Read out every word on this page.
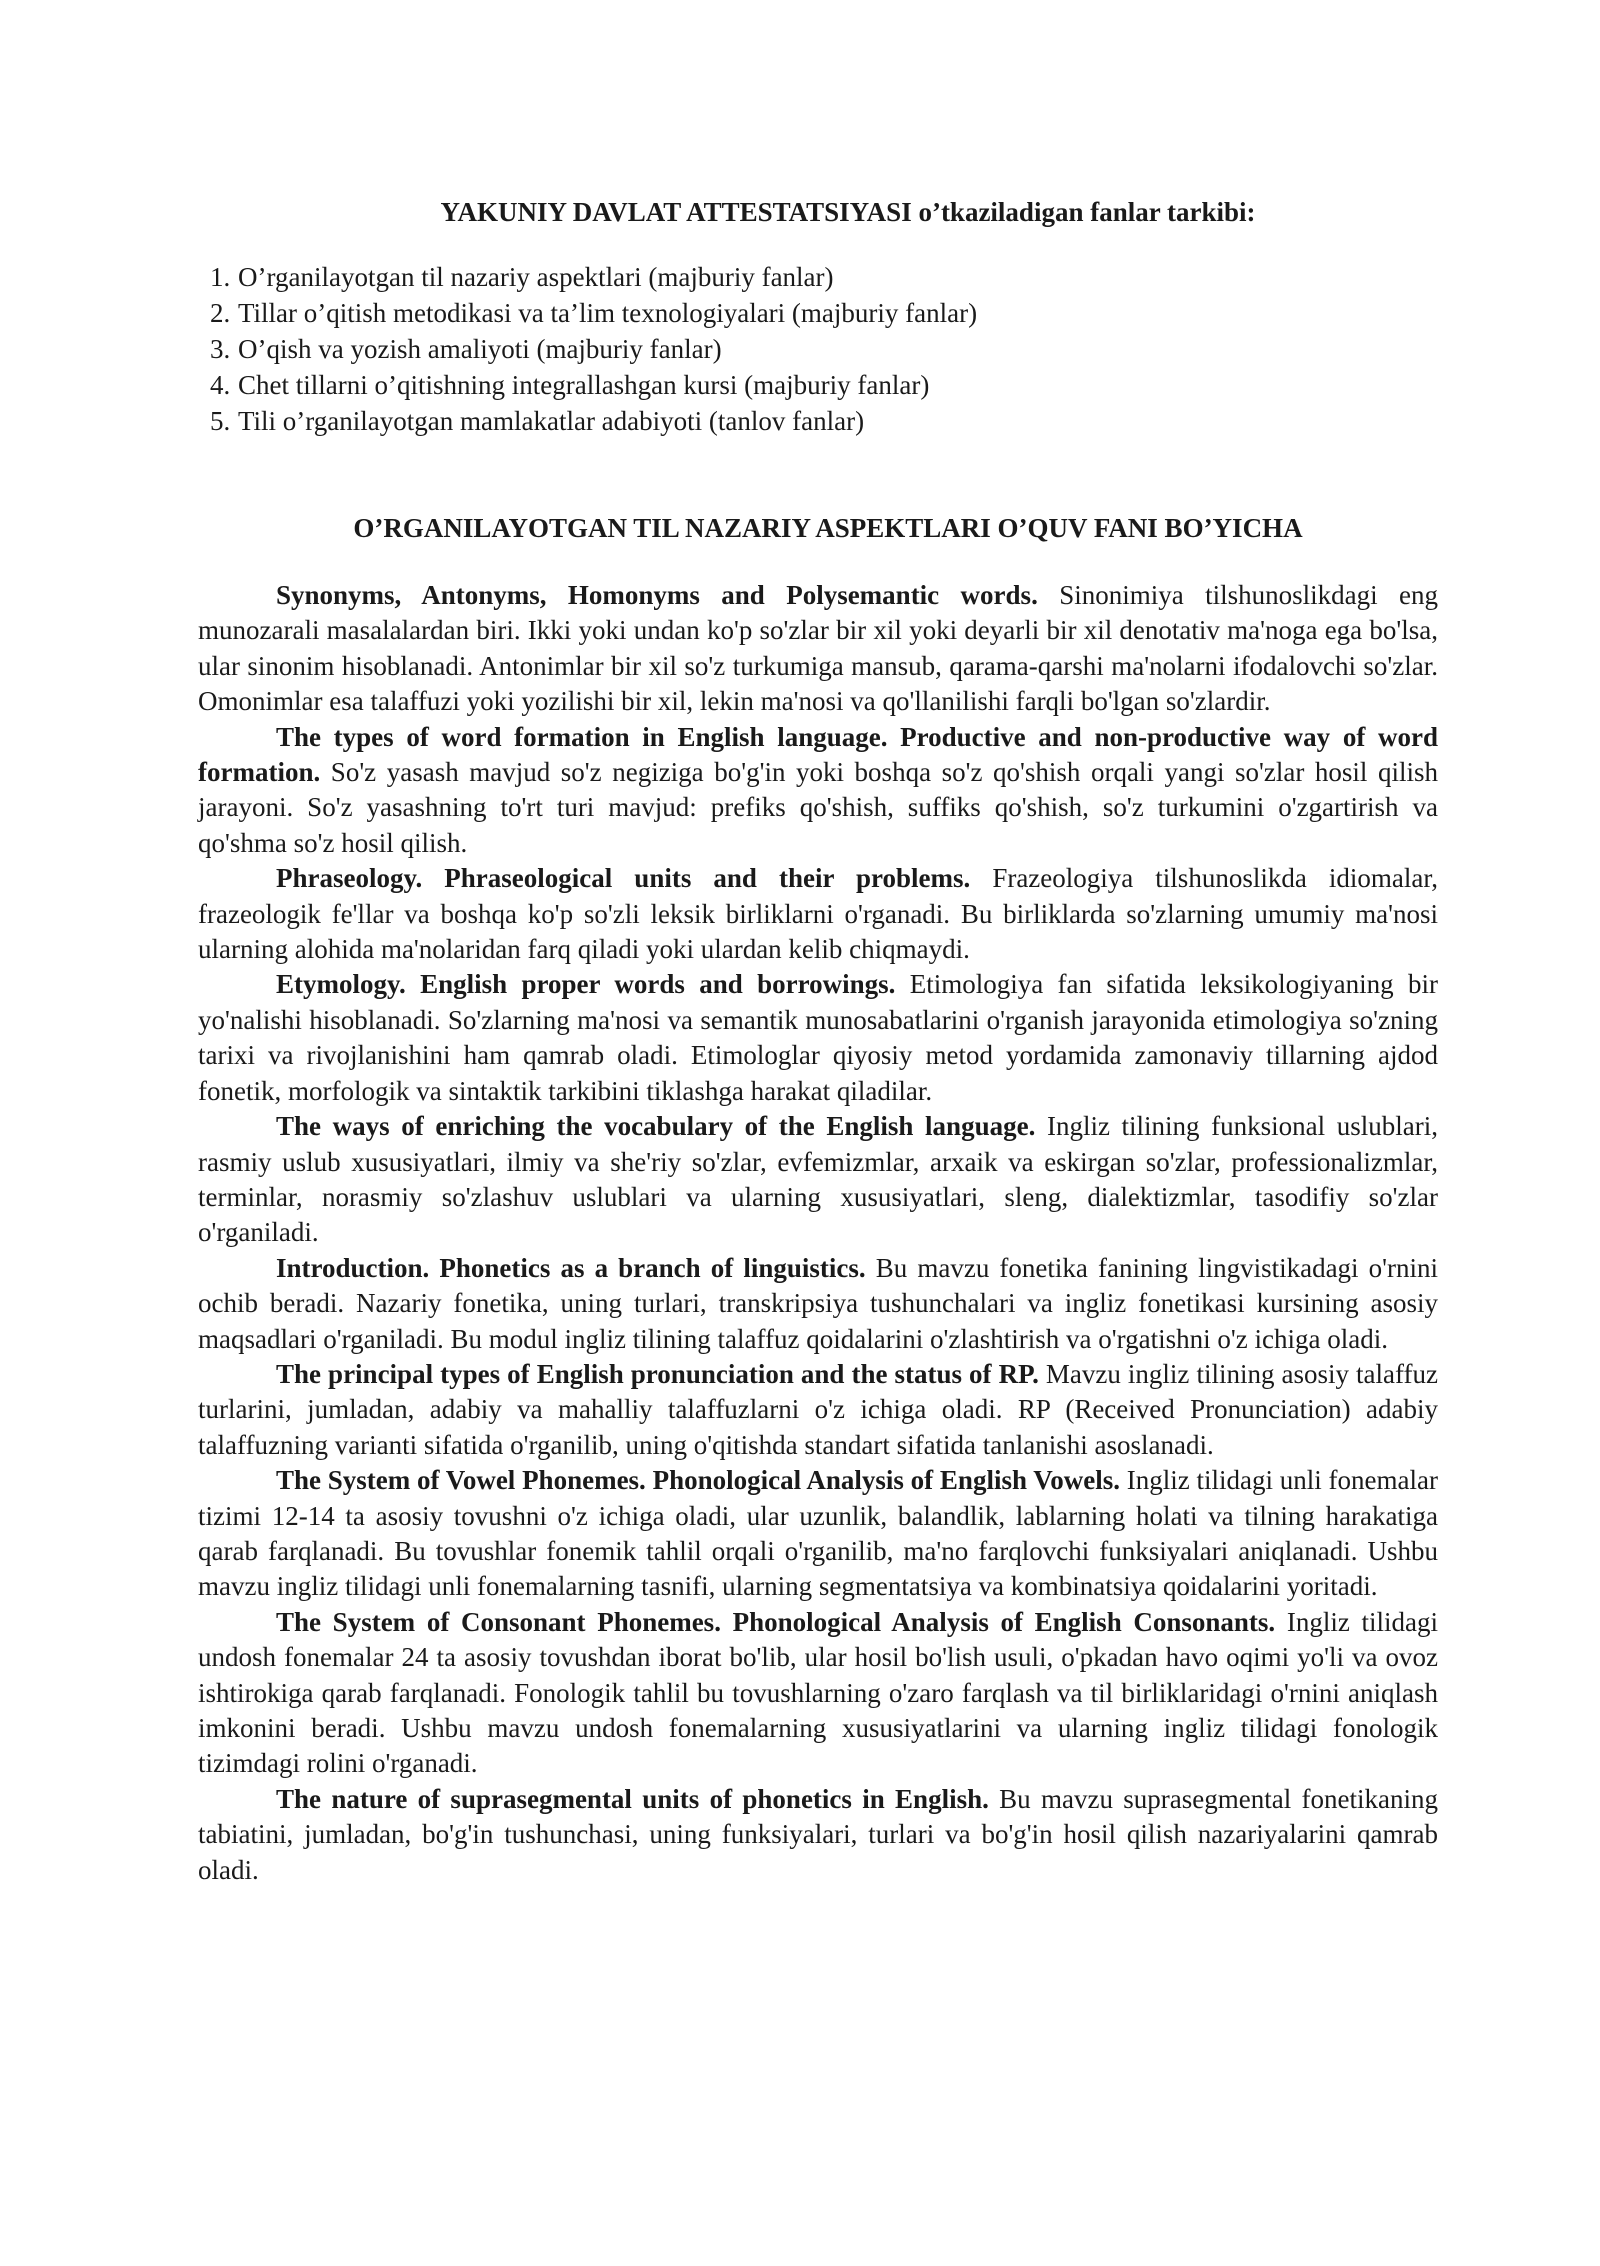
YAKUNIY DAVLAT ATTESTATSIYASI o’tkaziladigan fanlar tarkibi:
1. O’rganilayotgan til nazariy aspektlari (majburiy fanlar)
2. Tillar o’qitish metodikasi va ta’lim texnologiyalari (majburiy fanlar)
3. O’qish va yozish amaliyoti (majburiy fanlar)
4. Chet tillarni o’qitishning integrallashgan kursi (majburiy fanlar)
5. Tili o’rganilayotgan mamlakatlar adabiyoti (tanlov fanlar)
O’RGANILAYOTGAN TIL NAZARIY ASPEKTLARI O’QUV FANI BO’YICHA

Synonyms, Antonyms, Homonyms and Polysemantic words. Sinonimiya tilshunoslikdagi eng munozarali masalalardan biri. Ikki yoki undan ko'p so'zlar bir xil yoki deyarli bir xil denotativ ma'noga ega bo'lsa, ular sinonim hisoblanadi. Antonimlar bir xil so'z turkumiga mansub, qarama-qarshi ma'nolarni ifodalovchi so'zlar. Omonimlar esa talaffuzi yoki yozilishi bir xil, lekin ma'nosi va qo'llanilishi farqli bo'lgan so'zlardir.

The types of word formation in English language. Productive and non-productive way of word formation. So'z yasash mavjud so'z negiziga bo'g'in yoki boshqa so'z qo'shish orqali yangi so'zlar hosil qilish jarayoni. So'z yasashning to'rt turi mavjud: prefiks qo'shish, suffiks qo'shish, so'z turkumini o'zgartirish va qo'shma so'z hosil qilish.

Phraseology. Phraseological units and their problems. Frazeologiya tilshunoslikda idiomalar, frazeologik fe'llar va boshqa ko'p so'zli leksik birliklarni o'rganadi. Bu birliklarda so'zlarning umumiy ma'nosi ularning alohida ma'nolaridan farq qiladi yoki ulardan kelib chiqmaydi.

Etymology. English proper words and borrowings. Etimologiya fan sifatida leksikologiyaning bir yo'nalishi hisoblanadi. So'zlarning ma'nosi va semantik munosabatlarini o'rganish jarayonida etimologiya so'zning tarixi va rivojlanishini ham qamrab oladi. Etimologlar qiyosiy metod yordamida zamonaviy tillarning ajdod fonetik, morfologik va sintaktik tarkibini tiklashga harakat qiladilar.

The ways of enriching the vocabulary of the English language. Ingliz tilining funksional uslublari, rasmiy uslub xususiyatlari, ilmiy va she'riy so'zlar, evfemizmlar, arxaik va eskirgan so'zlar, professionalizmlar, terminlar, norasmiy so'zlashuv uslublari va ularning xususiyatlari, sleng, dialektizmlar, tasodifiy so'zlar o'rganiladi.

Introduction. Phonetics as a branch of linguistics. Bu mavzu fonetika fanining lingvistikadagi o'rnini ochib beradi. Nazariy fonetika, uning turlari, transkripsiya tushunchalari va ingliz fonetikasi kursining asosiy maqsadlari o'rganiladi. Bu modul ingliz tilining talaffuz qoidalarini o'zlashtirish va o'rgatishni o'z ichiga oladi.

The principal types of English pronunciation and the status of RP. Mavzu ingliz tilining asosiy talaffuz turlarini, jumladan, adabiy va mahalliy talaffuzlarni o'z ichiga oladi. RP (Received Pronunciation) adabiy talaffuzning varianti sifatida o'rganilib, uning o'qitishda standart sifatida tanlanishi asoslanadi.

The System of Vowel Phonemes. Phonological Analysis of English Vowels. Ingliz tilidagi unli fonemalar tizimi 12-14 ta asosiy tovushni o'z ichiga oladi, ular uzunlik, balandlik, lablarning holati va tilning harakatiga qarab farqlanadi. Bu tovushlar fonemik tahlil orqali o'rganilib, ma'no farqlovchi funksiyalari aniqlanadi. Ushbu mavzu ingliz tilidagi unli fonemalarning tasnifi, ularning segmentatsiya va kombinatsiya qoidalarini yoritadi.

The System of Consonant Phonemes. Phonological Analysis of English Consonants. Ingliz tilidagi undosh fonemalar 24 ta asosiy tovushdan iborat bo'lib, ular hosil bo'lish usuli, o'pkadan havo oqimi yo'li va ovoz ishtirokiga qarab farqlanadi. Fonologik tahlil bu tovushlarning o'zaro farqlash va til birliklaridagi o'rnini aniqlash imkonini beradi. Ushbu mavzu undosh fonemalarning xususiyatlarini va ularning ingliz tilidagi fonologik tizimdagi rolini o'rganadi.

The nature of suprasegmental units of phonetics in English. Bu mavzu suprasegmental fonetikaning tabiatini, jumladan, bo'g'in tushunchasi, uning funksiyalari, turlari va bo'g'in hosil qilish nazariyalarini qamrab oladi.
